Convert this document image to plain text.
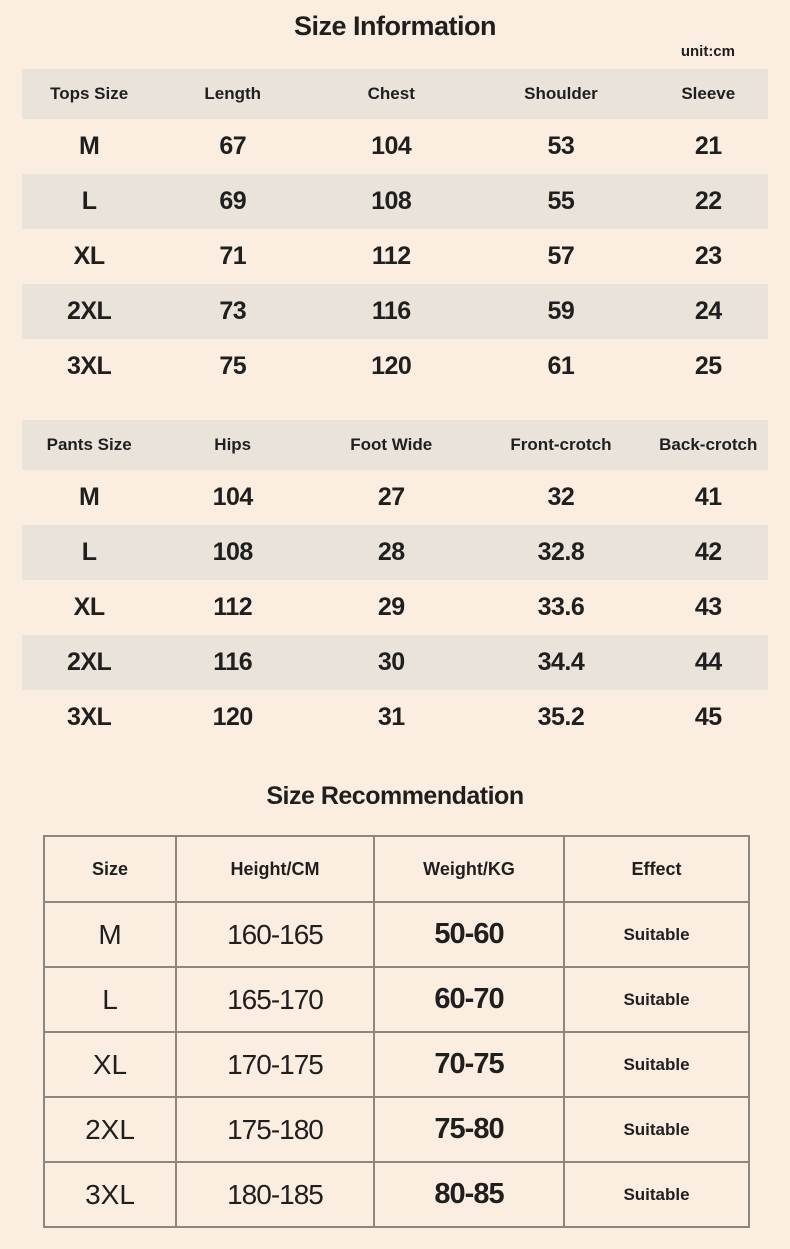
Size Information
unit:cm
Tops Size	Length	Chest	Shoulder	Sleeve
M	67	104	53	21
L	69	108	55	22
XL	71	112	57	23
2XL	73	116	59	24
3XL	75	120	61	25
Pants Size	Hips	Foot Wide	Front-crotch	Back-crotch
M	104	27	32	41
L	108	28	32.8	42
XL	112	29	33.6	43
2XL	116	30	34.4	44
3XL	120	31	35.2	45
Size Recommendation
Size	Height/CM	Weight/KG	Effect
M	160-165	50-60	Suitable
L	165-170	60-70	Suitable
XL	170-175	70-75	Suitable
2XL	175-180	75-80	Suitable
3XL	180-185	80-85	Suitable
